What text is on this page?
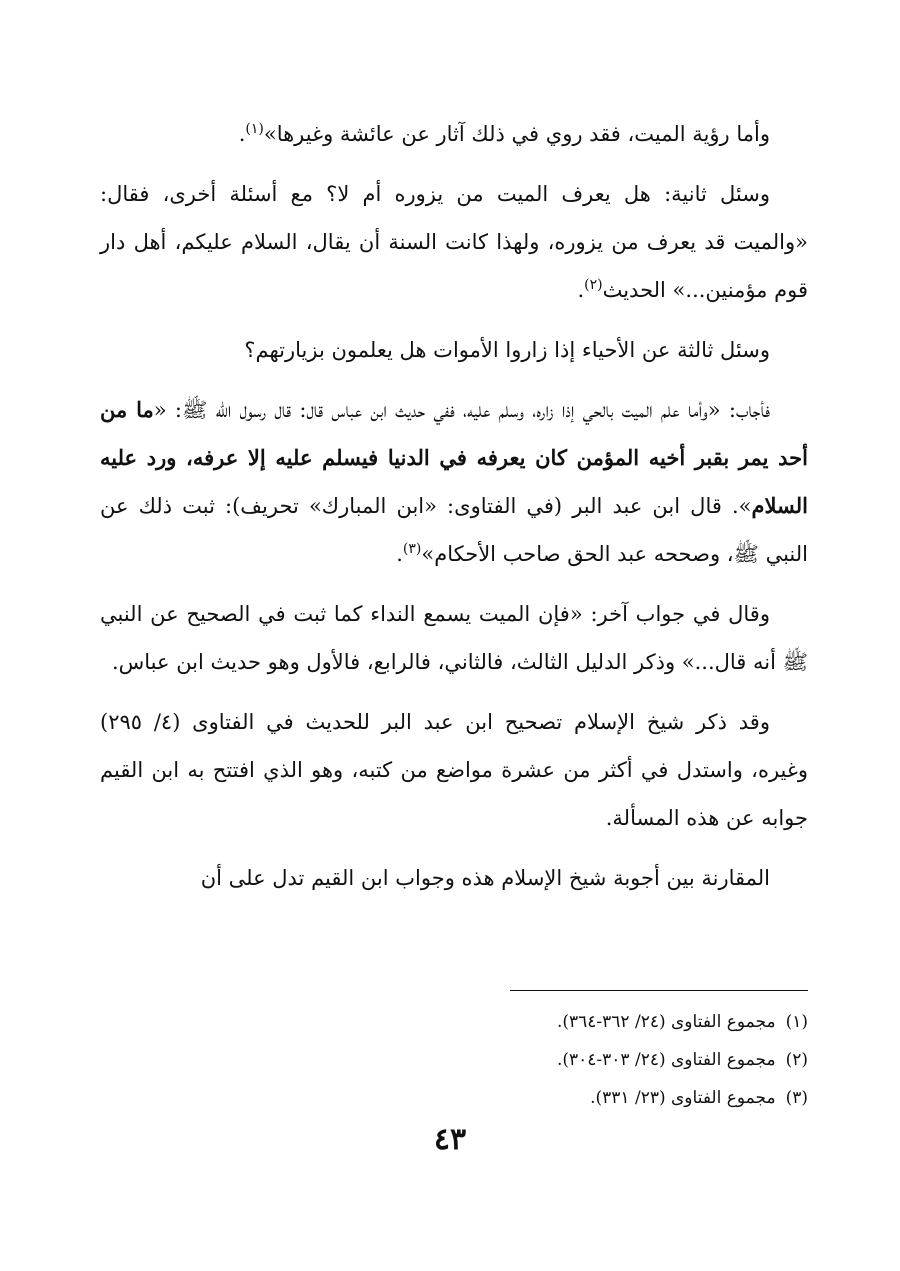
وأما رؤية الميت، فقد روي في ذلك آثار عن عائشة وغيرها»$^{(١)}$.

وسئل ثانية: هل يعرف الميت من يزوره أم لا؟ مع أسئلة أخرى، فقال: «والميت قد يعرف من يزوره، ولهذا كانت السنة أن يقال، السلام عليكم، أهل دار قوم مؤمنين...» الحديث$^{(٢)}$.

وسئل ثالثة عن الأحياء إذا زاروا الأموات هل يعلمون بزيارتهم؟

فأجاب: «وأما علم الميت بالحي إذا زاره، وسلم عليه، ففي حديث ابن عباس قال: قال رسول الله ﷺ: «ما من أحد يمر بقبر أخيه المؤمن كان يعرفه في الدنيا فيسلم عليه إلا عرفه، ورد عليه السلام». قال ابن عبد البر (في الفتاوى: «ابن المبارك» تحريف): ثبت ذلك عن النبي ﷺ، وصححه عبد الحق صاحب الأحكام»$^{(٣)}$.

وقال في جواب آخر: «فإن الميت يسمع النداء كما ثبت في الصحيح عن النبي ﷺ أنه قال...» وذكر الدليل الثالث، فالثاني، فالرابع، فالأول وهو حديث ابن عباس.

وقد ذكر شيخ الإسلام تصحيح ابن عبد البر للحديث في الفتاوى (٤/ ٢٩٥) وغيره، واستدل في أكثر من عشرة مواضع من كتبه، وهو الذي افتتح به ابن القيم جوابه عن هذه المسألة.

المقارنة بين أجوبة شيخ الإسلام هذه وجواب ابن القيم تدل على أن

(١)مجموع الفتاوى (٢٤/ ٣٦٢-٣٦٤).
(٢)مجموع الفتاوى (٢٤/ ٣٠٣-٣٠٤).
(٣)مجموع الفتاوى (٢٣/ ٣٣١).
٤٣
